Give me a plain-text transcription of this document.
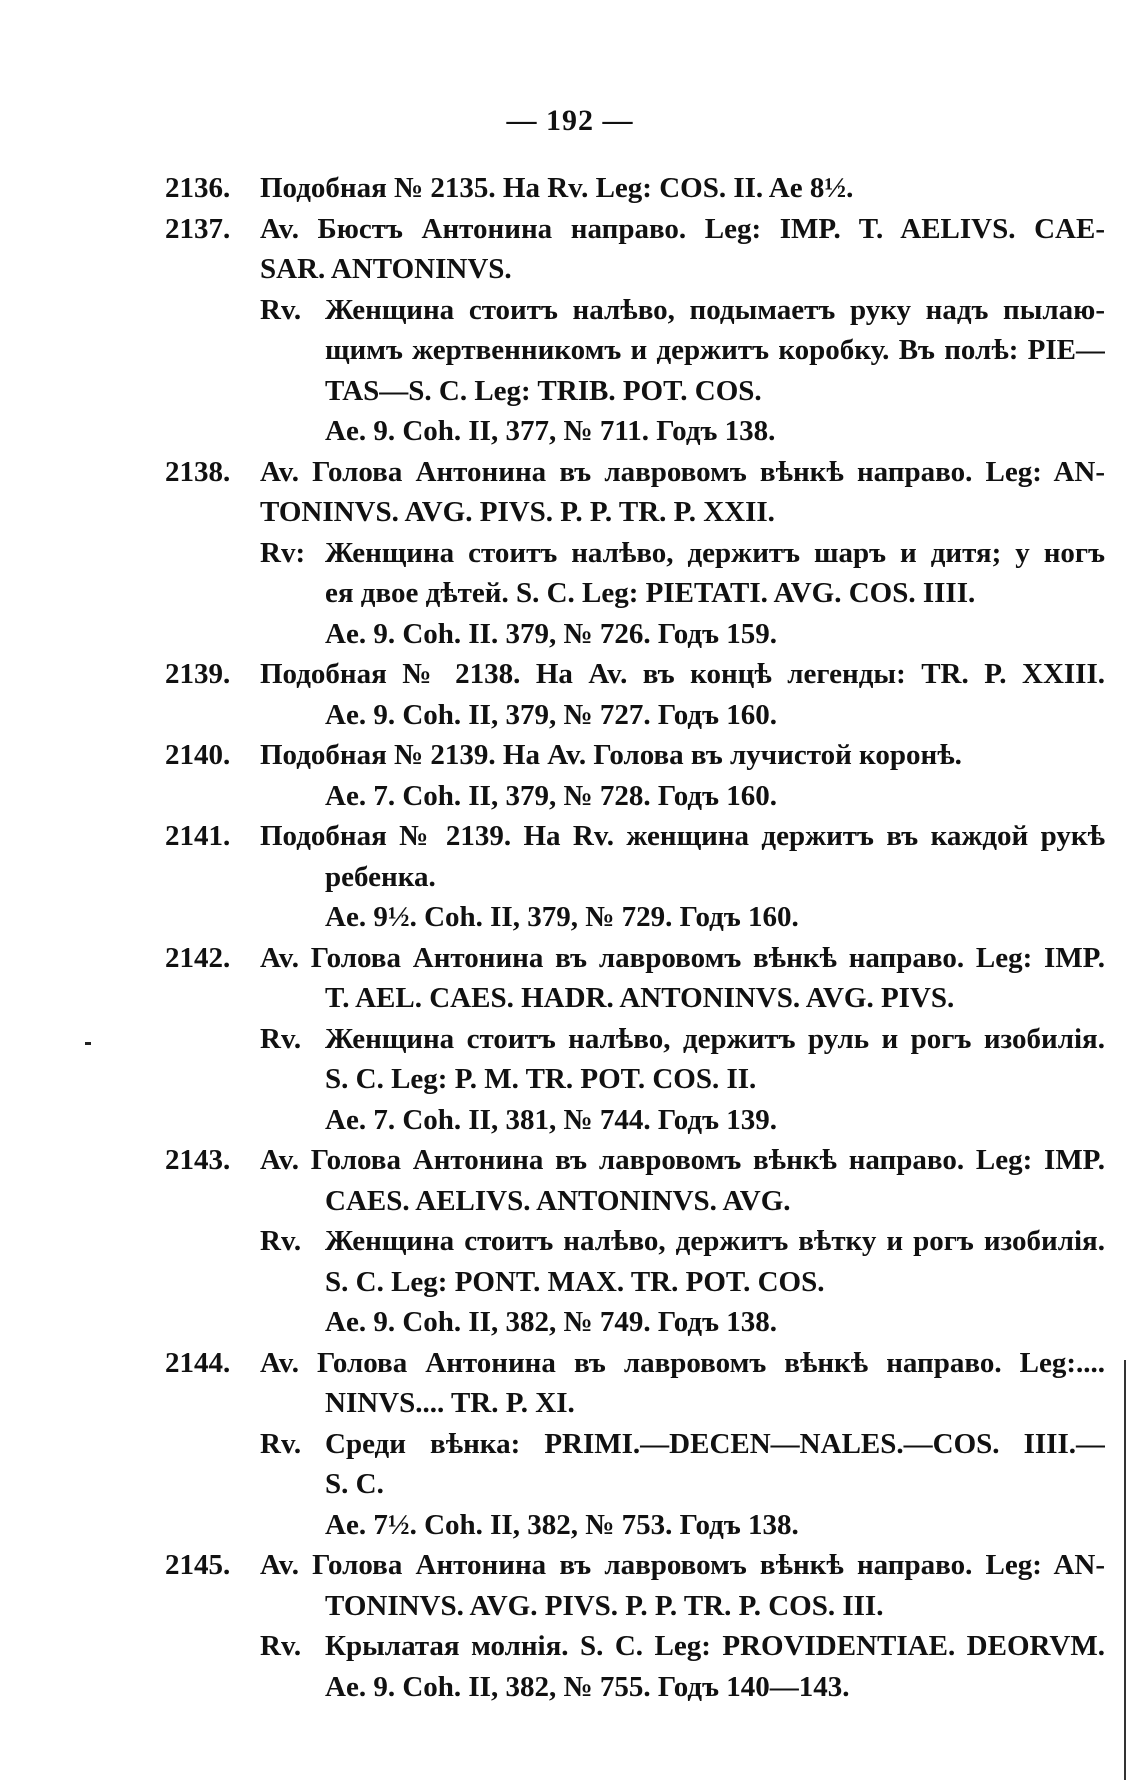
— 192 —
2136.	Подобная № 2135. На Rv. Leg: COS. II. Ae 8½.
2137.	Av. Бюстъ Антонина направо. Leg: IMP. T. AELIVS. CAE-
SAR. ANTONINVS.
Rv. Женщина стоитъ налѣво, подымаетъ руку надъ пылаю-
щимъ жертвенникомъ и держитъ коробку. Въ полѣ: PIE—
TAS—S. C. Leg: TRIB. POT. COS.
Ae. 9. Coh. II, 377, № 711. Годъ 138.
2138.	Av. Голова Антонина въ лавровомъ вѣнкѣ направо. Leg: AN-
TONINVS. AVG. PIVS. P. P. TR. P. XXII.
Rv: Женщина стоитъ налѣво, держитъ шаръ и дитя; у ногъ
ея двое дѣтей. S. C. Leg: PIETATI. AVG. COS. IIII.
Ae. 9. Coh. II. 379, № 726. Годъ 159.
2139.	Подобная № 2138. На Av. въ концѣ легенды: TR. P. XXIII.
Ae. 9. Coh. II, 379, № 727. Годъ 160.
2140.	Подобная № 2139. На Av. Голова въ лучистой коронѣ.
Ae. 7. Coh. II, 379, № 728. Годъ 160.
2141.	Подобная № 2139. На Rv. женщина держитъ въ каждой рукѣ
ребенка.
Ae. 9½. Coh. II, 379, № 729. Годъ 160.
2142.	Av. Голова Антонина въ лавровомъ вѣнкѣ направо. Leg: IMP.
T. AEL. CAES. HADR. ANTONINVS. AVG. PIVS.
Rv. Женщина стоитъ налѣво, держитъ руль и рогъ изобилія.
S. C. Leg: P. M. TR. POT. COS. II.
Ae. 7. Coh. II, 381, № 744. Годъ 139.
2143.	Av. Голова Антонина въ лавровомъ вѣнкѣ направо. Leg: IMP.
CAES. AELIVS. ANTONINVS. AVG.
Rv. Женщина стоитъ налѣво, держитъ вѣтку и рогъ изобилія.
S. C. Leg: PONT. MAX. TR. POT. COS.
Ae. 9. Coh. II, 382, № 749. Годъ 138.
2144.	Av. Голова Антонина въ лавровомъ вѣнкѣ направо. Leg:....
NINVS.... TR. P. XI.
Rv. Среди вѣнка: PRIMI.—DECEN—NALES.—COS. IIII.—
S. C.
Ae. 7½. Coh. II, 382, № 753. Годъ 138.
2145.	Av. Голова Антонина въ лавровомъ вѣнкѣ направо. Leg: AN-
TONINVS. AVG. PIVS. P. P. TR. P. COS. III.
Rv. Крылатая молнія. S. C. Leg: PROVIDENTIAE. DEORVM.
Ae. 9. Coh. II, 382, № 755. Годъ 140—143.
